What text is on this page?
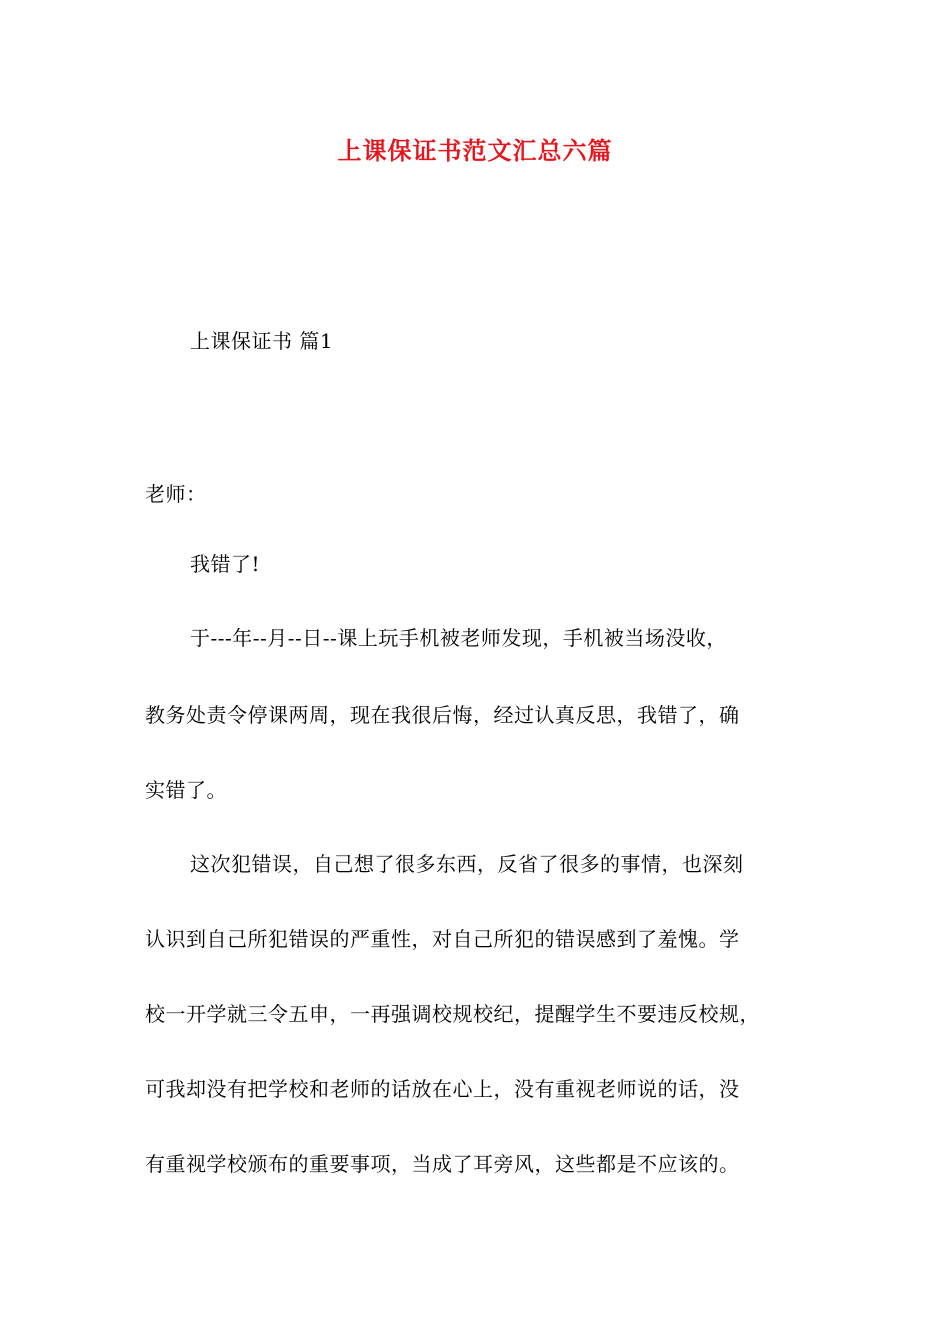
上课保证书范文汇总六篇
上课保证书 篇1
老师：
我错了!
于---年--月--日--课上玩手机被老师发现，手机被当场没收，
教务处责令停课两周，现在我很后悔，经过认真反思，我错了，确
实错了。
这次犯错误，自己想了很多东西，反省了很多的事情，也深刻
认识到自己所犯错误的严重性，对自己所犯的错误感到了羞愧。学
校一开学就三令五申，一再强调校规校纪，提醒学生不要违反校规，
可我却没有把学校和老师的话放在心上，没有重视老师说的话，没
有重视学校颁布的重要事项，当成了耳旁风，这些都是不应该的。
